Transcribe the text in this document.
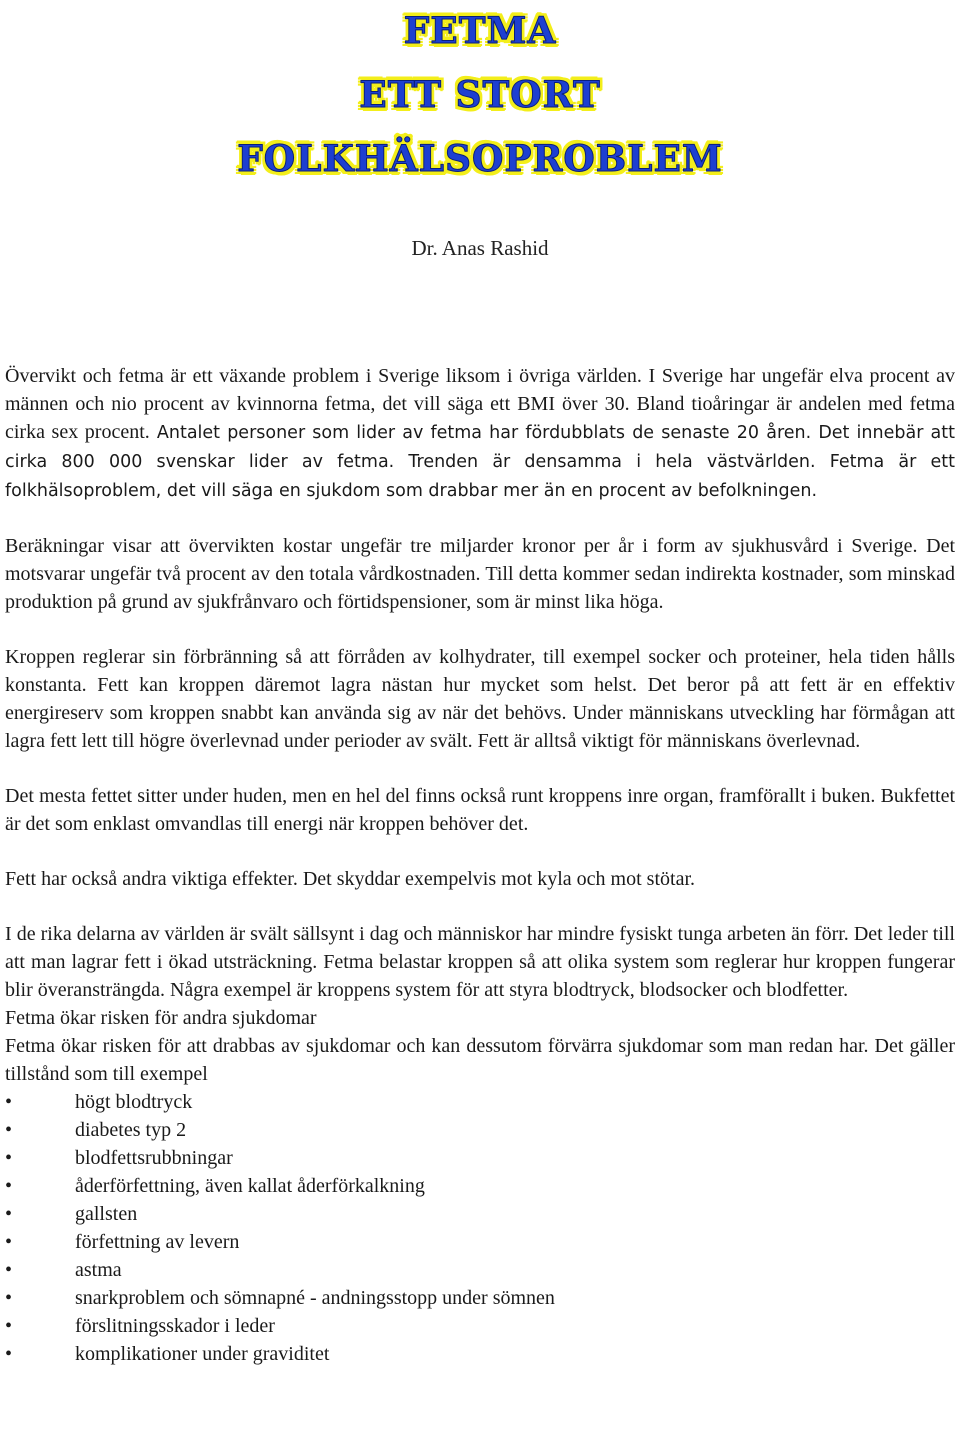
FETMA
ETT STORT
FOLKHÄLSOPROBLEM
Dr. Anas Rashid

Övervikt och fetma är ett växande problem i Sverige liksom i övriga världen. I Sverige har ungefär elva procent av männen och nio procent av kvinnorna fetma, det vill säga ett BMI över 30. Bland tioåringar är andelen med fetma cirka sex procent. Antalet personer som lider av fetma har fördubblats de senaste 20 åren. Det innebär att cirka 800 000 svenskar lider av fetma. Trenden är densamma i hela västvärlden. Fetma är ett folkhälsoproblem, det vill säga en sjukdom som drabbar mer än en procent av befolkningen.

Beräkningar visar att övervikten kostar ungefär tre miljarder kronor per år i form av sjukhusvård i Sverige. Det motsvarar ungefär två procent av den totala vårdkostnaden. Till detta kommer sedan indirekta kostnader, som minskad produktion på grund av sjukfrånvaro och förtidspensioner, som är minst lika höga.

Kroppen reglerar sin förbränning så att förråden av kolhydrater, till exempel socker och proteiner, hela tiden hålls konstanta. Fett kan kroppen däremot lagra nästan hur mycket som helst. Det beror på att fett är en effektiv energireserv som kroppen snabbt kan använda sig av när det behövs. Under människans utveckling har förmågan att lagra fett lett till högre överlevnad under perioder av svält. Fett är alltså viktigt för människans överlevnad.

Det mesta fettet sitter under huden, men en hel del finns också runt kroppens inre organ, framförallt i buken. Bukfettet är det som enklast omvandlas till energi när kroppen behöver det.

Fett har också andra viktiga effekter. Det skyddar exempelvis mot kyla och mot stötar.

I de rika delarna av världen är svält sällsynt i dag och människor har mindre fysiskt tunga arbeten än förr. Det leder till att man lagrar fett i ökad utsträckning. Fetma belastar kroppen så att olika system som reglerar hur kroppen fungerar blir överansträngda. Några exempel är kroppens system för att styra blodtryck, blodsocker och blodfetter.

Fetma ökar risken för andra sjukdomar

Fetma ökar risken för att drabbas av sjukdomar och kan dessutom förvärra sjukdomar som man redan har. Det gäller tillstånd som till exempel

•	högt blodtryck
•	diabetes typ 2
•	blodfettsrubbningar
•	åderförfettning, även kallat åderförkalkning
•	gallsten
•	förfettning av levern
•	astma
•	snarkproblem och sömnapné - andningsstopp under sömnen
•	förslitningsskador i leder
•	komplikationer under graviditet
